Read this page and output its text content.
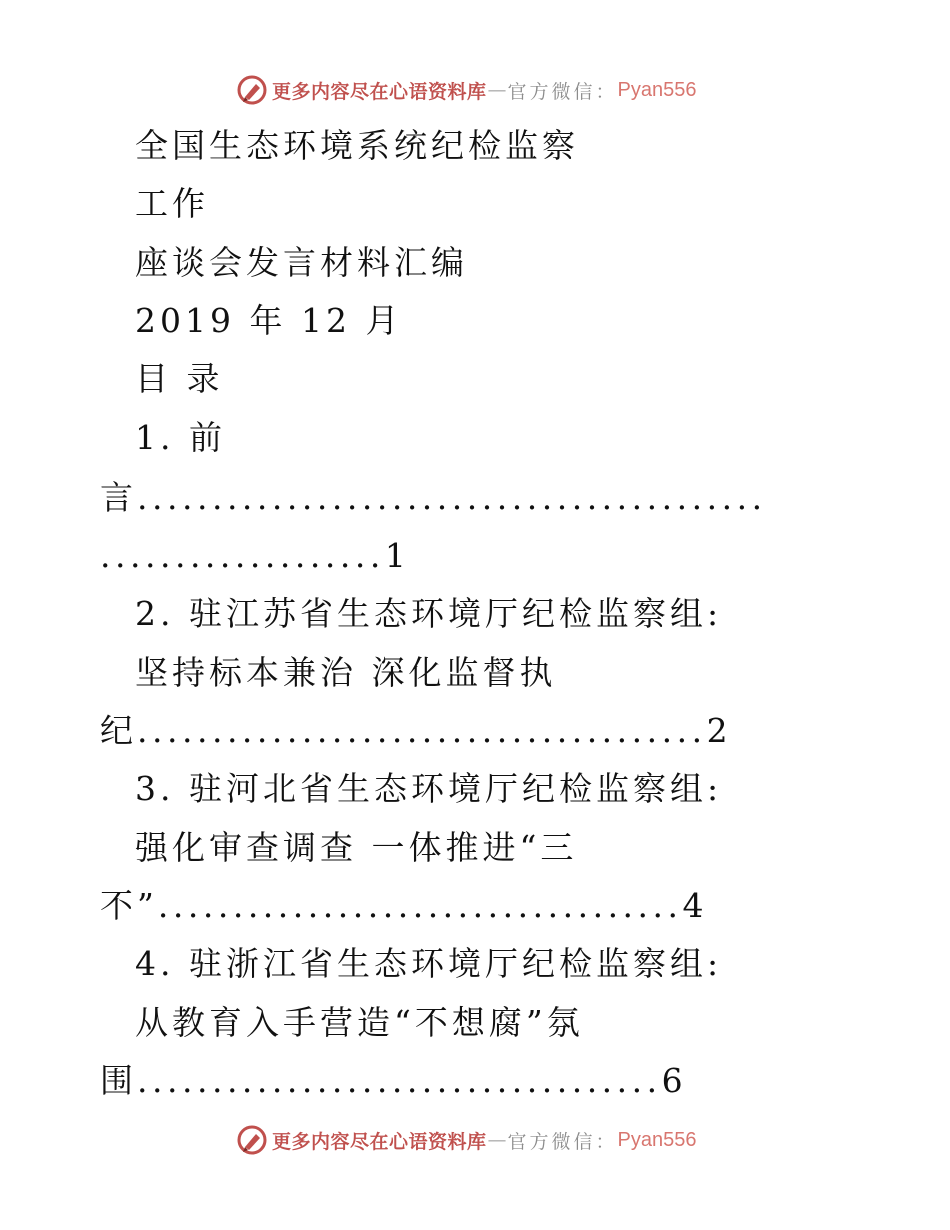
更多内容尽在心语资料库 — 官方微信： Pyan556
全国生态环境系统纪检监察
工作
座谈会发言材料汇编
2019 年 12 月
目 录
1. 前
言..........................................
...................1
2. 驻江苏省生态环境厅纪检监察组:
坚持标本兼治 深化监督执
纪......................................2
3. 驻河北省生态环境厅纪检监察组:
强化审查调查 一体推进“三
不”...................................4
4. 驻浙江省生态环境厅纪检监察组:
从教育入手营造“不想腐”氛
围...................................6
更多内容尽在心语资料库 — 官方微信： Pyan556
